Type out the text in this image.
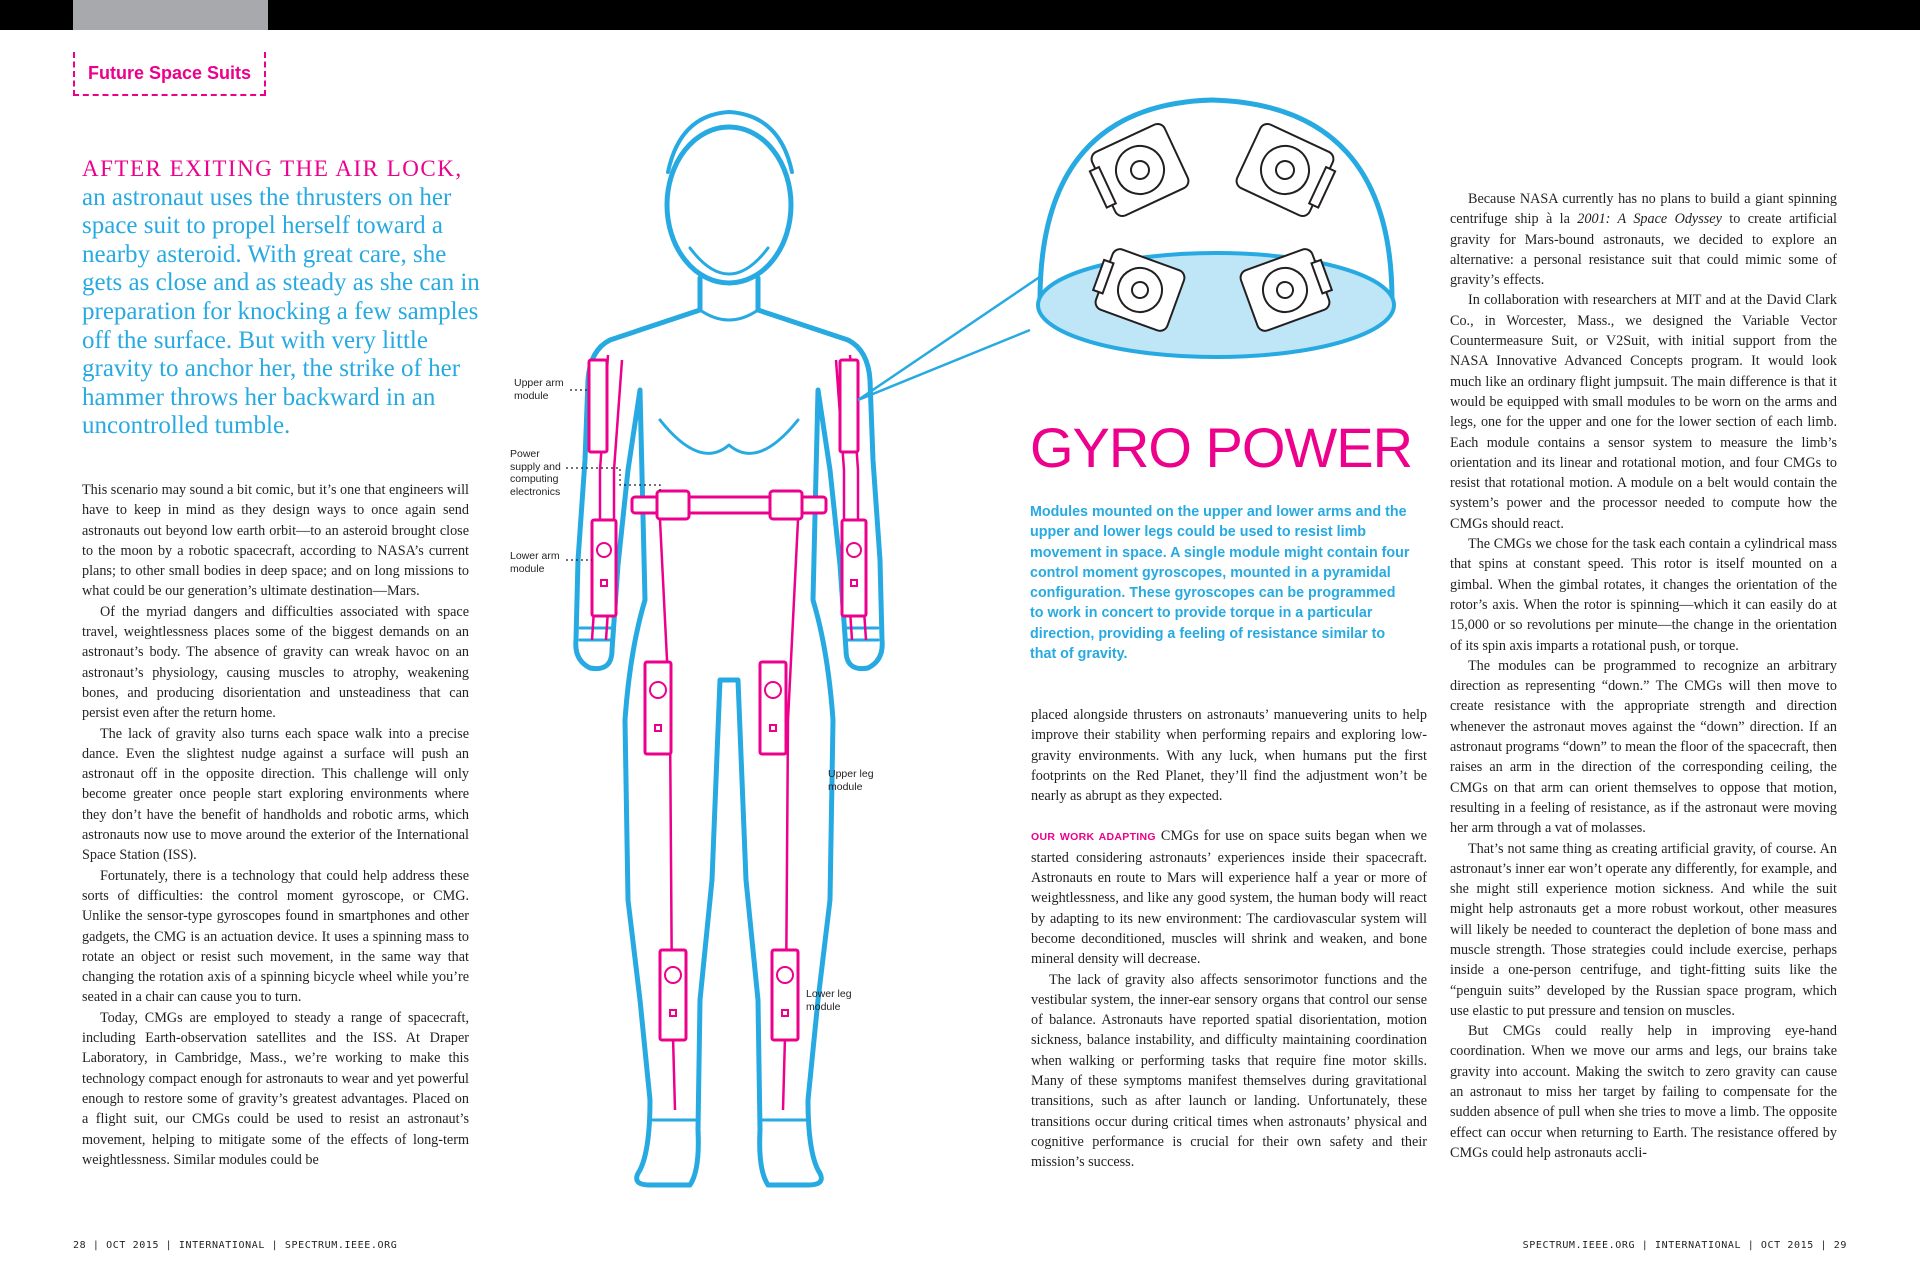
Future Space Suits
AFTER EXITING THE AIR LOCK,
an astronaut uses the thrusters on her space suit to propel herself toward a nearby asteroid. With great care, she gets as close and as steady as she can in preparation for knocking a few samples off the surface. But with very little gravity to anchor her, the strike of her hammer throws her backward in an uncontrolled tumble.

This scenario may sound a bit comic, but it’s one that engineers will have to keep in mind as they design ways to once again send astronauts out beyond low earth orbit—to an asteroid brought close to the moon by a robotic spacecraft, according to NASA’s current plans; to other small bodies in deep space; and on long missions to what could be our generation’s ultimate destination—Mars.

Of the myriad dangers and difficulties associated with space travel, weightlessness places some of the biggest demands on an astronaut’s body. The absence of gravity can wreak havoc on an astronaut’s physiology, causing muscles to atrophy, weakening bones, and producing disorientation and unsteadiness that can persist even after the return home.

The lack of gravity also turns each space walk into a precise dance. Even the slightest nudge against a surface will push an astronaut off in the opposite direction. This challenge will only become greater once people start exploring environments where they don’t have the benefit of handholds and robotic arms, which astronauts now use to move around the exterior of the International Space Station (ISS).

Fortunately, there is a technology that could help address these sorts of difficulties: the control moment gyroscope, or CMG. Unlike the sensor-type gyroscopes found in smartphones and other gadgets, the CMG is an actuation device. It uses a spinning mass to rotate an object or resist such movement, in the same way that changing the rotation axis of a spinning bicycle wheel while you’re seated in a chair can cause you to turn.

Today, CMGs are employed to steady a range of spacecraft, including Earth-observation satellites and the ISS. At Draper Laboratory, in Cambridge, Mass., we’re working to make this technology compact enough for astronauts to wear and yet powerful enough to restore some of gravity’s greatest advantages. Placed on a flight suit, our CMGs could be used to resist an astronaut’s movement, helping to mitigate some of the effects of long-term weightlessness. Similar modules could be

Upper arm module
Power supply and computing electronics
Lower arm module
Upper leg module
Lower leg module
GYRO POWER
Modules mounted on the upper and lower arms and the upper and lower legs could be used to resist limb movement in space. A single module might contain four control moment gyroscopes, mounted in a pyramidal configuration. These gyroscopes can be programmed to work in concert to provide torque in a particular direction, providing a feeling of resistance similar to that of gravity.

placed alongside thrusters on astronauts’ manuevering units to help improve their stability when performing repairs and exploring low-gravity environments. With any luck, when humans put the first footprints on the Red Planet, they’ll find the adjustment won’t be nearly as abrupt as they expected.

OUR WORK ADAPTING CMGs for use on space suits began when we started considering astronauts’ experiences inside their spacecraft. Astronauts en route to Mars will experience half a year or more of weightlessness, and like any good system, the human body will react by adapting to its new environment: The cardiovascular system will become deconditioned, muscles will shrink and weaken, and bone mineral density will decrease.

The lack of gravity also affects sensorimotor functions and the vestibular system, the inner-ear sensory organs that control our sense of balance. Astronauts have reported spatial disorientation, motion sickness, balance instability, and difficulty maintaining coordination when walking or performing tasks that require fine motor skills. Many of these symptoms manifest themselves during gravitational transitions, such as after launch or landing. Unfortunately, these transitions occur during critical times when astronauts’ physical and cognitive performance is crucial for their own safety and their mission’s success.

Because NASA currently has no plans to build a giant spinning centrifuge ship à la 2001: A Space Odyssey to create artificial gravity for Mars-bound astronauts, we decided to explore an alternative: a personal resistance suit that could mimic some of gravity’s effects.

In collaboration with researchers at MIT and at the David Clark Co., in Worcester, Mass., we designed the Variable Vector Countermeasure Suit, or V2Suit, with initial support from the NASA Innovative Advanced Concepts program. It would look much like an ordinary flight jumpsuit. The main difference is that it would be equipped with small modules to be worn on the arms and legs, one for the upper and one for the lower section of each limb. Each module contains a sensor system to measure the limb’s orientation and its linear and rotational motion, and four CMGs to resist that rotational motion. A module on a belt would contain the system’s power and the processor needed to compute how the CMGs should react.

The CMGs we chose for the task each contain a cylindrical mass that spins at constant speed. This rotor is itself mounted on a gimbal. When the gimbal rotates, it changes the orientation of the rotor’s axis. When the rotor is spinning—which it can easily do at 15,000 or so revolutions per minute—the change in the orientation of its spin axis imparts a rotational push, or torque.

The modules can be programmed to recognize an arbitrary direction as representing “down.” The CMGs will then move to create resistance with the appropriate strength and direction whenever the astronaut moves against the “down” direction. If an astronaut programs “down” to mean the floor of the spacecraft, then raises an arm in the direction of the corresponding ceiling, the CMGs on that arm can orient themselves to oppose that motion, resulting in a feeling of resistance, as if the astronaut were moving her arm through a vat of molasses.

That’s not same thing as creating artificial gravity, of course. An astronaut’s inner ear won’t operate any differently, for example, and she might still experience motion sickness. And while the suit might help astronauts get a more robust workout, other measures will likely be needed to counteract the depletion of bone mass and muscle strength. Those strategies could include exercise, perhaps inside a one-person centrifuge, and tight-fitting suits like the “penguin suits” developed by the Russian space program, which use elastic to put pressure and tension on muscles.

But CMGs could really help in improving eye-hand coordination. When we move our arms and legs, our brains take gravity into account. Making the switch to zero gravity can cause an astronaut to miss her target by failing to compensate for the sudden absence of pull when she tries to move a limb. The opposite effect can occur when returning to Earth. The resistance offered by CMGs could help astronauts accli-

28 | OCT 2015 | INTERNATIONAL | SPECTRUM.IEEE.ORG	SPECTRUM.IEEE.ORG | INTERNATIONAL | OCT 2015 | 29
